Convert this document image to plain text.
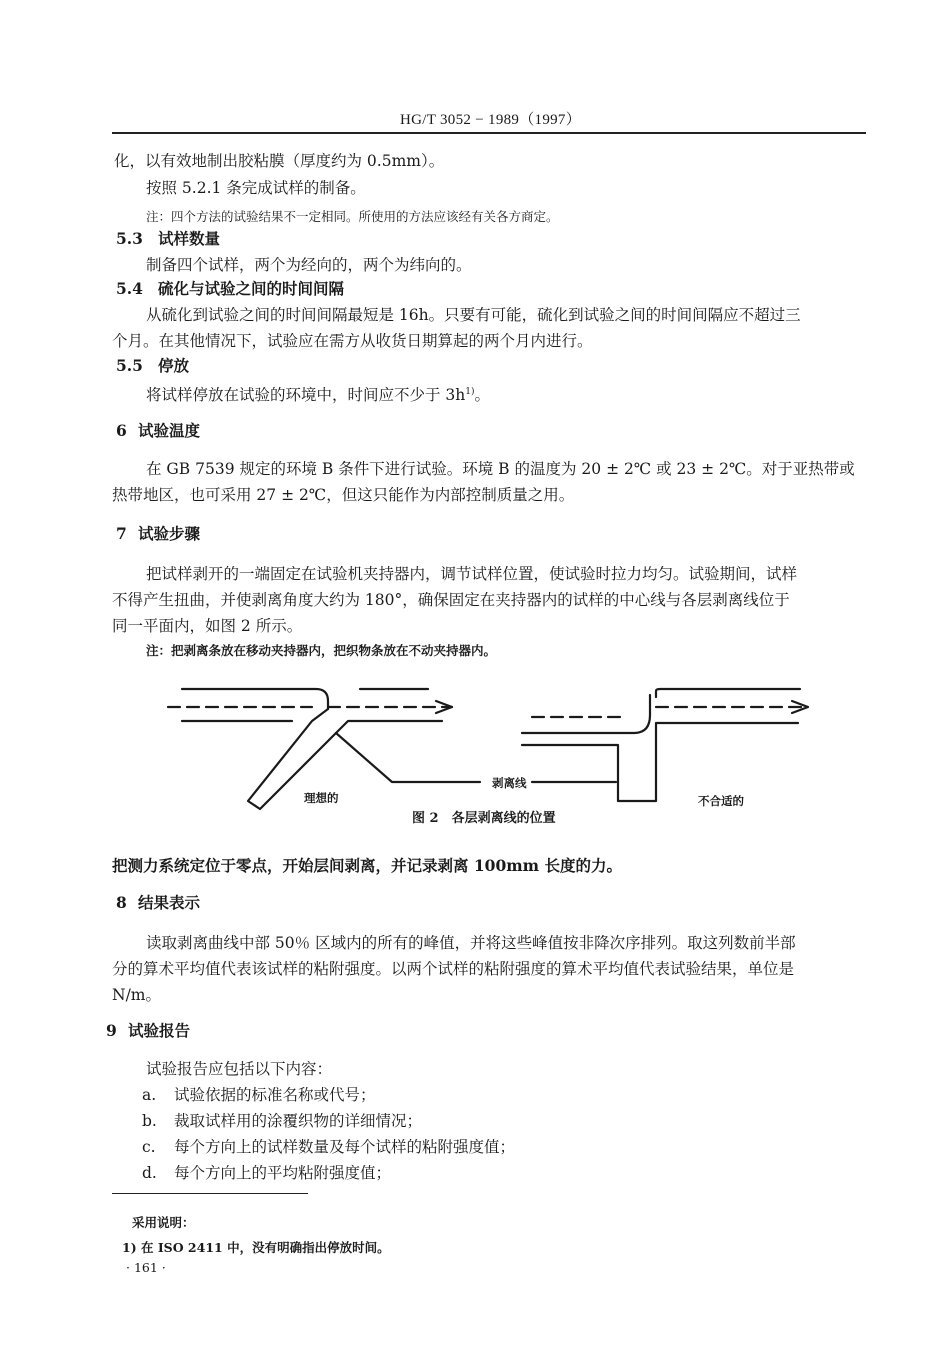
HG/T 3052 − 1989（1997）
化，以有效地制出胶粘膜（厚度约为 0.5mm）。
按照 5.2.1 条完成试样的制备。
注：四个方法的试验结果不一定相同。所使用的方法应该经有关各方商定。
5.3 试样数量
制备四个试样，两个为经向的，两个为纬向的。
5.4 硫化与试验之间的时间间隔
从硫化到试验之间的时间间隔最短是 16h。只要有可能，硫化到试验之间的时间间隔应不超过三
个月。在其他情况下，试验应在需方从收货日期算起的两个月内进行。
5.5 停放
将试样停放在试验的环境中，时间应不少于 $3h^{1)}$。
6 试验温度
在 GB 7539 规定的环境 B 条件下进行试验。环境 B 的温度为 20 ± 2℃ 或 23 ± 2℃。对于亚热带或
热带地区，也可采用 27 ± 2℃，但这只能作为内部控制质量之用。
7 试验步骤
把试样剥开的一端固定在试验机夹持器内，调节试样位置，使试验时拉力均匀。试验期间，试样
不得产生扭曲，并使剥离角度大约为 180°，确保固定在夹持器内的试样的中心线与各层剥离线位于
同一平面内，如图 2 所示。
注：把剥离条放在移动夹持器内，把织物条放在不动夹持器内。
理想的
剥离线
不合适的
图 2　各层剥离线的位置
把测力系统定位于零点，开始层间剥离，并记录剥离 100mm 长度的力。
8 结果表示
读取剥离曲线中部 50％ 区域内的所有的峰值，并将这些峰值按非降次序排列。取这列数前半部
分的算术平均值代表该试样的粘附强度。以两个试样的粘附强度的算术平均值代表试验结果，单位是
N/m。
9 试验报告
试验报告应包括以下内容：
a. 试验依据的标准名称或代号；
b. 裁取试样用的涂覆织物的详细情况；
c. 每个方向上的试样数量及每个试样的粘附强度值；
d. 每个方向上的平均粘附强度值；
采用说明：
1) 在 ISO 2411 中，没有明确指出停放时间。
· 161 ·
